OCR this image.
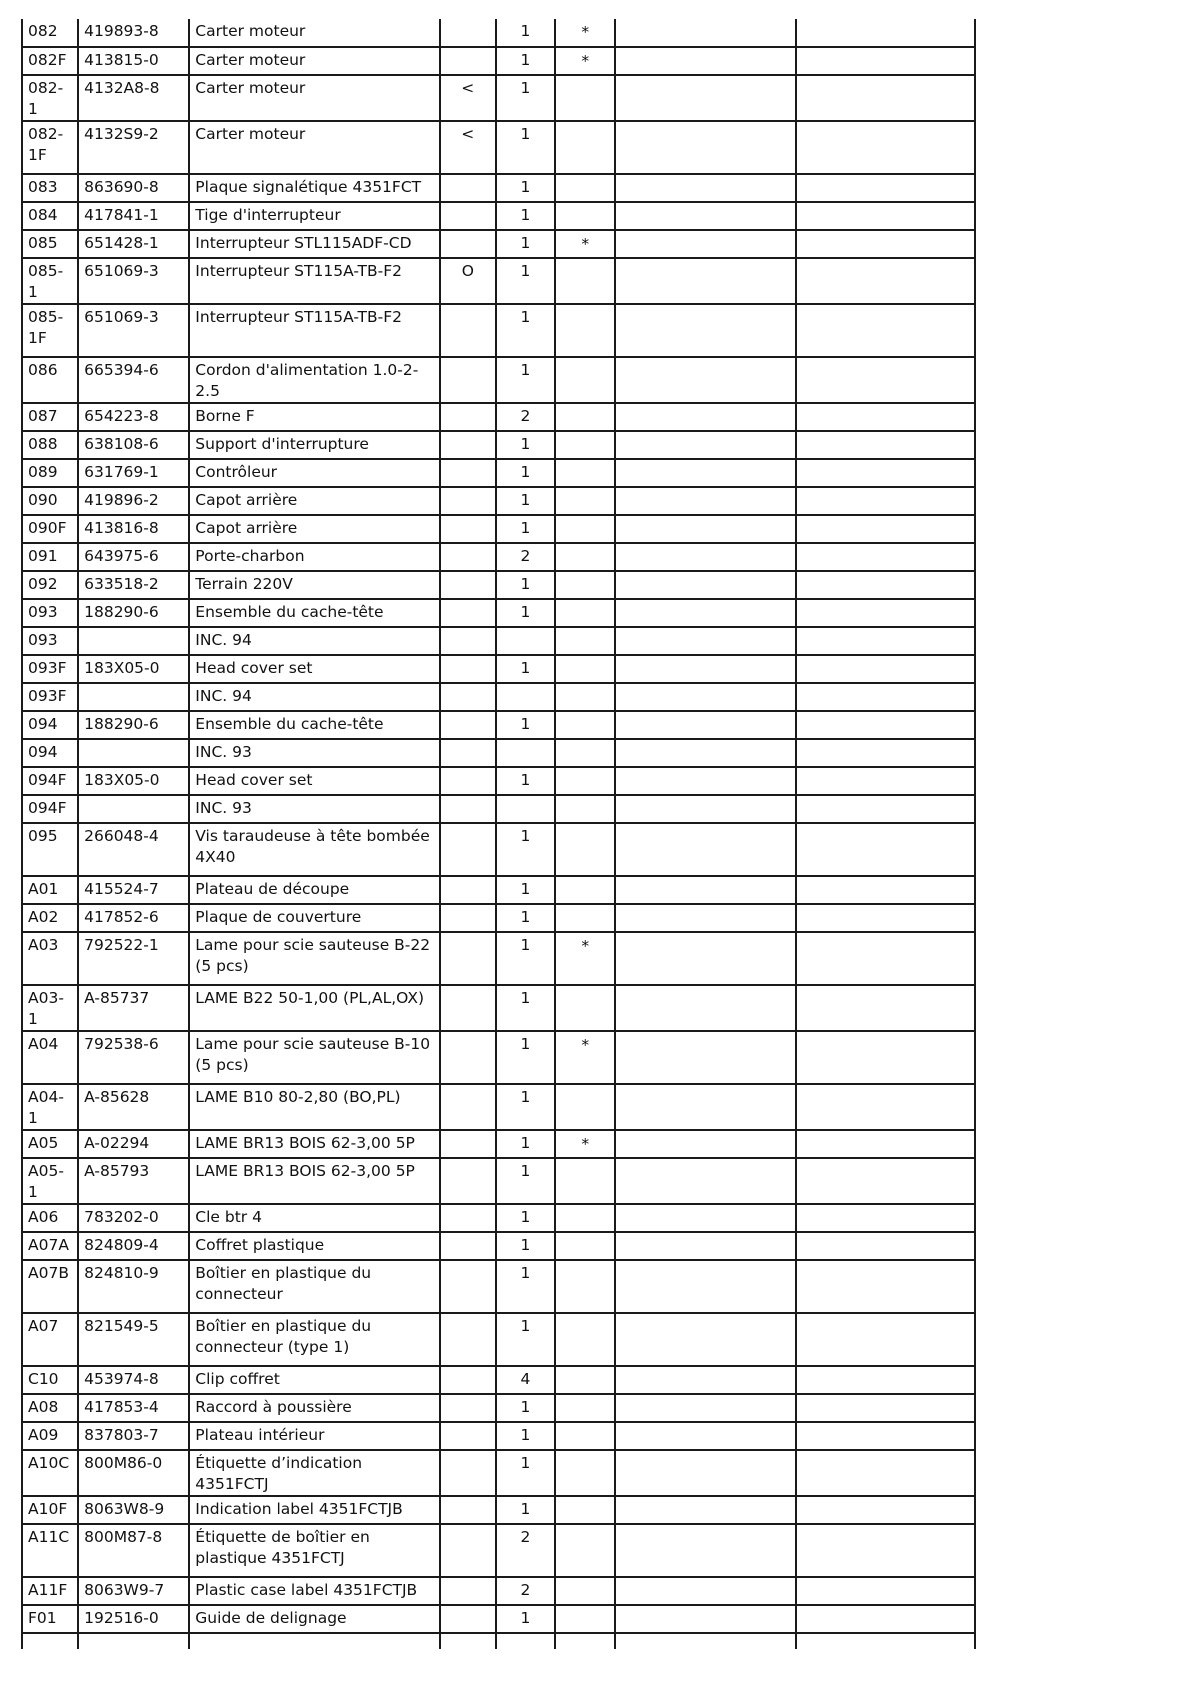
082	419893-8	Carter moteur		1	*		
082F	413815-0	Carter moteur		1	*		
082-1	4132A8-8	Carter moteur	<	1			
082-1F	4132S9-2	Carter moteur	<	1			
083	863690-8	Plaque signalétique 4351FCT		1			
084	417841-1	Tige d'interrupteur		1			
085	651428-1	Interrupteur STL115ADF-CD		1	*		
085-1	651069-3	Interrupteur ST115A-TB-F2	O	1			
085-1F	651069-3	Interrupteur ST115A-TB-F2		1			
086	665394-6	Cordon d'alimentation 1.0-2-2.5		1			
087	654223-8	Borne F		2			
088	638108-6	Support d'interrupture		1			
089	631769-1	Contrôleur		1			
090	419896-2	Capot arrière		1			
090F	413816-8	Capot arrière		1			
091	643975-6	Porte-charbon		2			
092	633518-2	Terrain 220V		1			
093	188290-6	Ensemble du cache-tête		1			
093		INC. 94					
093F	183X05-0	Head cover set		1			
093F		INC. 94					
094	188290-6	Ensemble du cache-tête		1			
094		INC. 93					
094F	183X05-0	Head cover set		1			
094F		INC. 93					
095	266048-4	Vis taraudeuse à tête bombée 4X40		1			
A01	415524-7	Plateau de découpe		1			
A02	417852-6	Plaque de couverture		1			
A03	792522-1	Lame pour scie sauteuse B-22 (5 pcs)		1	*		
A03-1	A-85737	LAME B22 50-1,00 (PL,AL,OX)		1			
A04	792538-6	Lame pour scie sauteuse B-10 (5 pcs)		1	*		
A04-1	A-85628	LAME B10 80-2,80 (BO,PL)		1			
A05	A-02294	LAME BR13 BOIS 62-3,00 5P		1	*		
A05-1	A-85793	LAME BR13 BOIS 62-3,00 5P		1			
A06	783202-0	Cle btr 4		1			
A07A	824809-4	Coffret plastique		1			
A07B	824810-9	Boîtier en plastique du connecteur		1			
A07	821549-5	Boîtier en plastique du connecteur (type 1)		1			
C10	453974-8	Clip coffret		4			
A08	417853-4	Raccord à poussière		1			
A09	837803-7	Plateau intérieur		1			
A10C	800M86-0	Étiquette d’indication 4351FCTJ		1			
A10F	8063W8-9	Indication label 4351FCTJB		1			
A11C	800M87-8	Étiquette de boîtier en plastique 4351FCTJ		2			
A11F	8063W9-7	Plastic case label 4351FCTJB		2			
F01	192516-0	Guide de delignage		1			
